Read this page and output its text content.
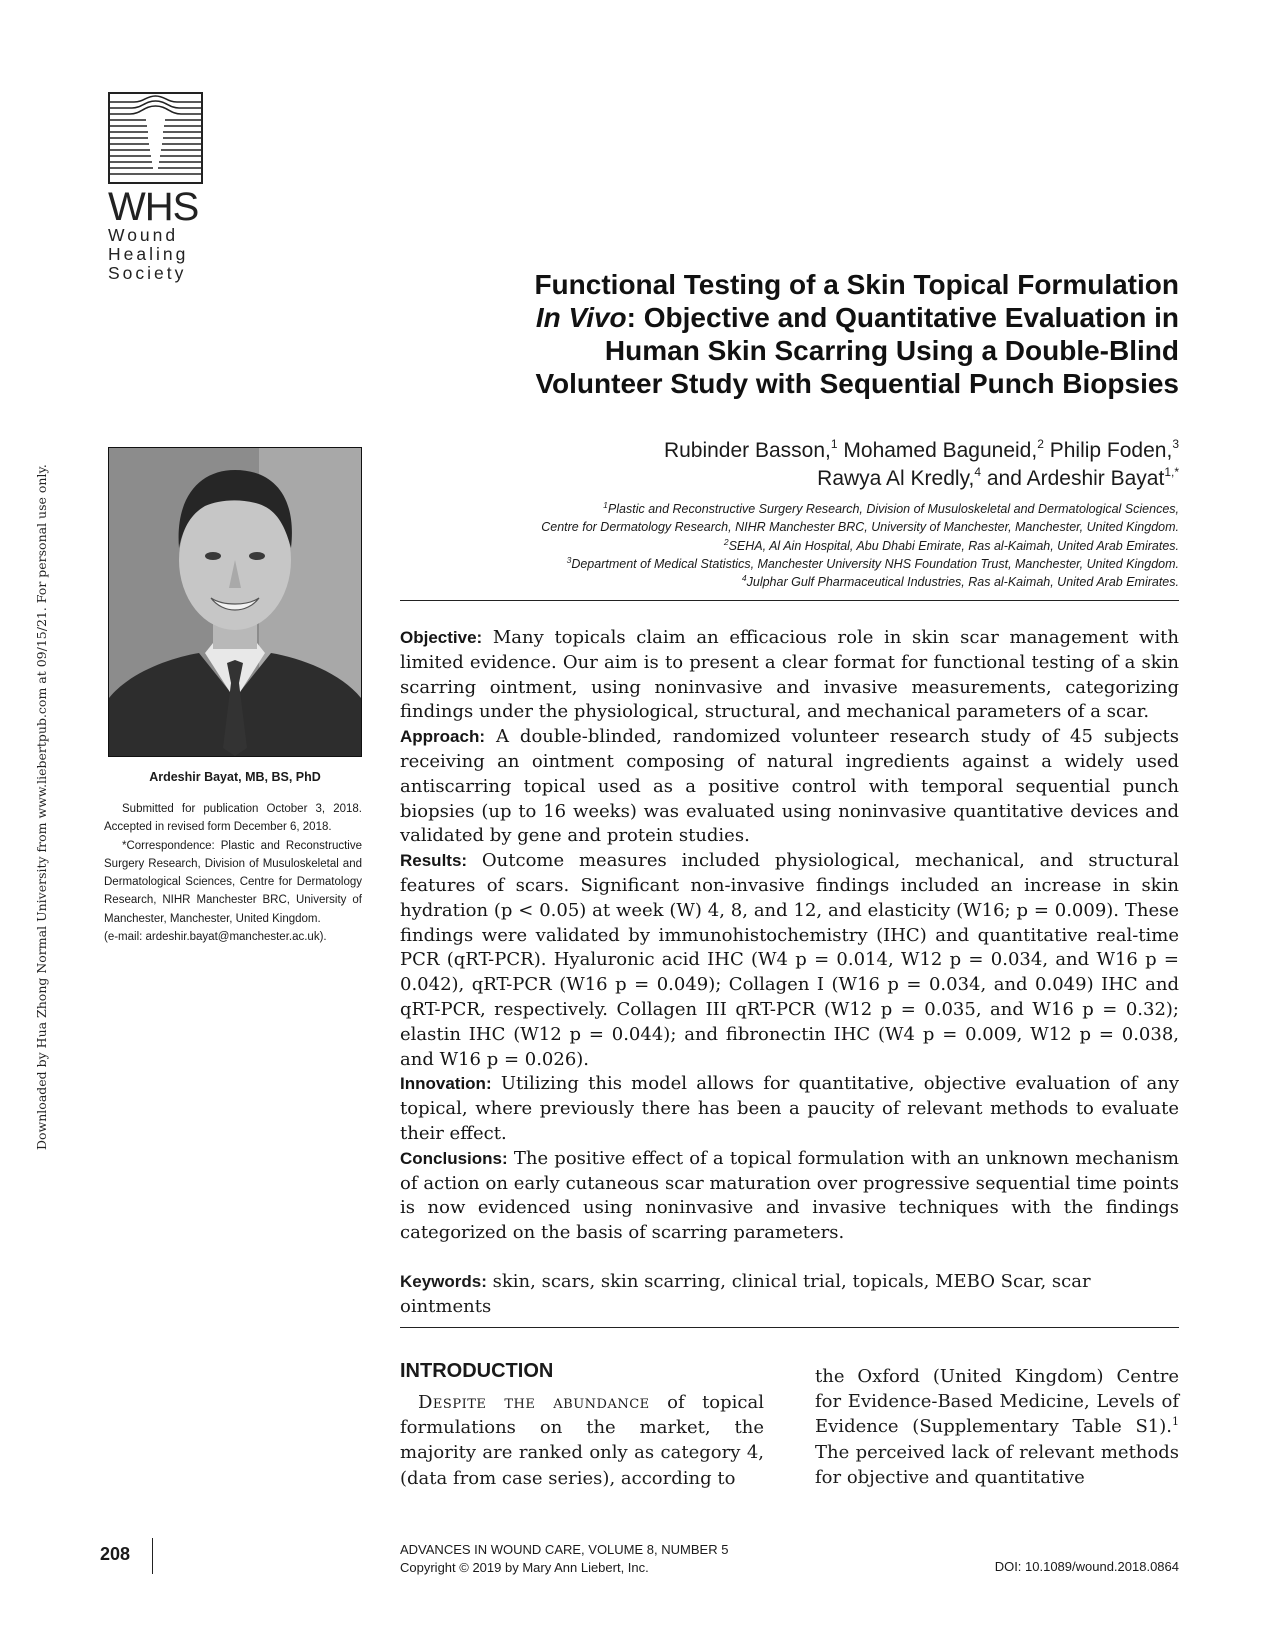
Downloaded by Hua Zhong Normal University from www.liebertpub.com at 09/15/21. For personal use only.
WHS
Wound
Healing
Society	Functional Testing of a Skin Topical Formulation
In Vivo: Objective and Quantitative Evaluation in
Human Skin Scarring Using a Double-Blind
Volunteer Study with Sequential Punch Biopsies
Rubinder Basson,$^1$ Mohamed Baguneid,$^2$ Philip Foden,$^3$
Rawya Al Kredly,$^4$ and Ardeshir Bayat$^{1,*}$
$^1$Plastic and Reconstructive Surgery Research, Division of Musuloskeletal and Dermatological Sciences,
Centre for Dermatology Research, NIHR Manchester BRC, University of Manchester, Manchester, United Kingdom.
$^2$SEHA, Al Ain Hospital, Abu Dhabi Emirate, Ras al-Kaimah, United Arab Emirates.
$^3$Department of Medical Statistics, Manchester University NHS Foundation Trust, Manchester, United Kingdom.
$^4$Julphar Gulf Pharmaceutical Industries, Ras al-Kaimah, United Arab Emirates.
Ardeshir Bayat, MB, BS, PhD

Submitted for publication October 3, 2018. Accepted in revised form December 6, 2018.

*Correspondence: Plastic and Reconstructive Surgery Research, Division of Musuloskeletal and Dermatological Sciences, Centre for Dermatology Research, NIHR Manchester BRC, University of Manchester, Manchester, United Kingdom.

(e-mail: ardeshir.bayat@manchester.ac.uk).

Objective: Many topicals claim an efficacious role in skin scar management with limited evidence. Our aim is to present a clear format for functional testing of a skin scarring ointment, using noninvasive and invasive measurements, categorizing findings under the physiological, structural, and mechanical parameters of a scar.

Approach: A double-blinded, randomized volunteer research study of 45 subjects receiving an ointment composing of natural ingredients against a widely used antiscarring topical used as a positive control with temporal sequential punch biopsies (up to 16 weeks) was evaluated using noninvasive quantitative devices and validated by gene and protein studies.

Results: Outcome measures included physiological, mechanical, and structural features of scars. Significant non-invasive findings included an increase in skin hydration (p < 0.05) at week (W) 4, 8, and 12, and elasticity (W16; p = 0.009). These findings were validated by immunohistochemistry (IHC) and quantitative real-time PCR (qRT-PCR). Hyaluronic acid IHC (W4 p = 0.014, W12 p = 0.034, and W16 p = 0.042), qRT-PCR (W16 p = 0.049); Collagen I (W16 p = 0.034, and 0.049) IHC and qRT-PCR, respectively. Collagen III qRT-PCR (W12 p = 0.035, and W16 p = 0.32); elastin IHC (W12 p = 0.044); and fibronectin IHC (W4 p = 0.009, W12 p = 0.038, and W16 p = 0.026).

Innovation: Utilizing this model allows for quantitative, objective evaluation of any topical, where previously there has been a paucity of relevant methods to evaluate their effect.

Conclusions: The positive effect of a topical formulation with an unknown mechanism of action on early cutaneous scar maturation over progressive sequential time points is now evidenced using noninvasive and invasive techniques with the findings categorized on the basis of scarring parameters.

Keywords: skin, scars, skin scarring, clinical trial, topicals, MEBO Scar, scar ointments
INTRODUCTION
Despite the abundance of topical formulations on the market, the majority are ranked only as category 4, (data from case series), according to
the Oxford (United Kingdom) Centre for Evidence-Based Medicine, Levels of Evidence (Supplementary Table S1).$^1$ The perceived lack of relevant methods for objective and quantitative
208	ADVANCES IN WOUND CARE, VOLUME 8, NUMBER 5
Copyright © 2019 by Mary Ann Liebert, Inc.	DOI: 10.1089/wound.2018.0864
